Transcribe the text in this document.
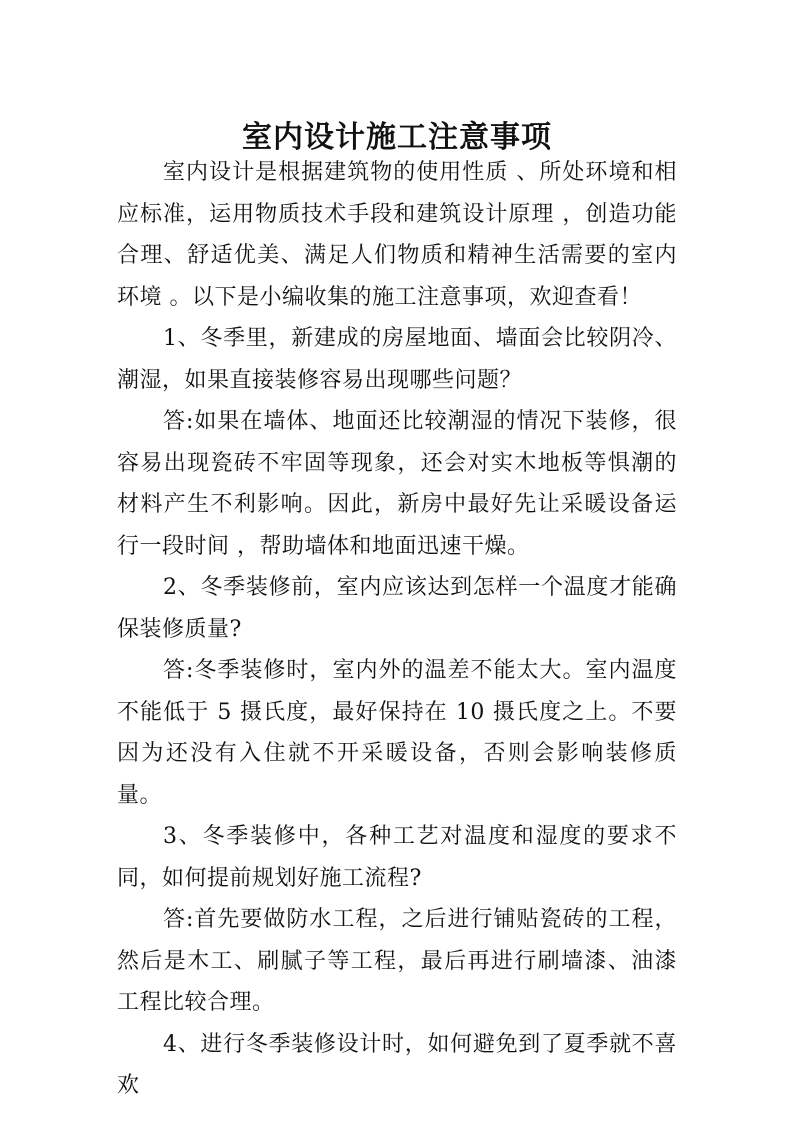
室内设计施工注意事项

室内设计是根据建筑物的使用性质 、所处环境和相应标准，运用物质技术手段和建筑设计原理 ，创造功能合理、舒适优美、满足人们物质和精神生活需要的室内环境 。以下是小编收集的施工注意事项，欢迎查看！

1、冬季里，新建成的房屋地面、墙面会比较阴冷、潮湿，如果直接装修容易出现哪些问题？

答:如果在墙体、地面还比较潮湿的情况下装修，很容易出现瓷砖不牢固等现象，还会对实木地板等惧潮的材料产生不利影响。因此，新房中最好先让采暖设备运行一段时间 ，帮助墙体和地面迅速干燥。

2、冬季装修前，室内应该达到怎样一个温度才能确保装修质量?

答:冬季装修时，室内外的温差不能太大。室内温度不能低于 5 摄氏度，最好保持在 10 摄氏度之上。不要因为还没有入住就不开采暖设备，否则会影响装修质量。

3、冬季装修中，各种工艺对温度和湿度的要求不同，如何提前规划好施工流程?

答:首先要做防水工程，之后进行铺贴瓷砖的工程，然后是木工、刷腻子等工程，最后再进行刷墙漆、油漆工程比较合理。

4、进行冬季装修设计时，如何避免到了夏季就不喜欢
